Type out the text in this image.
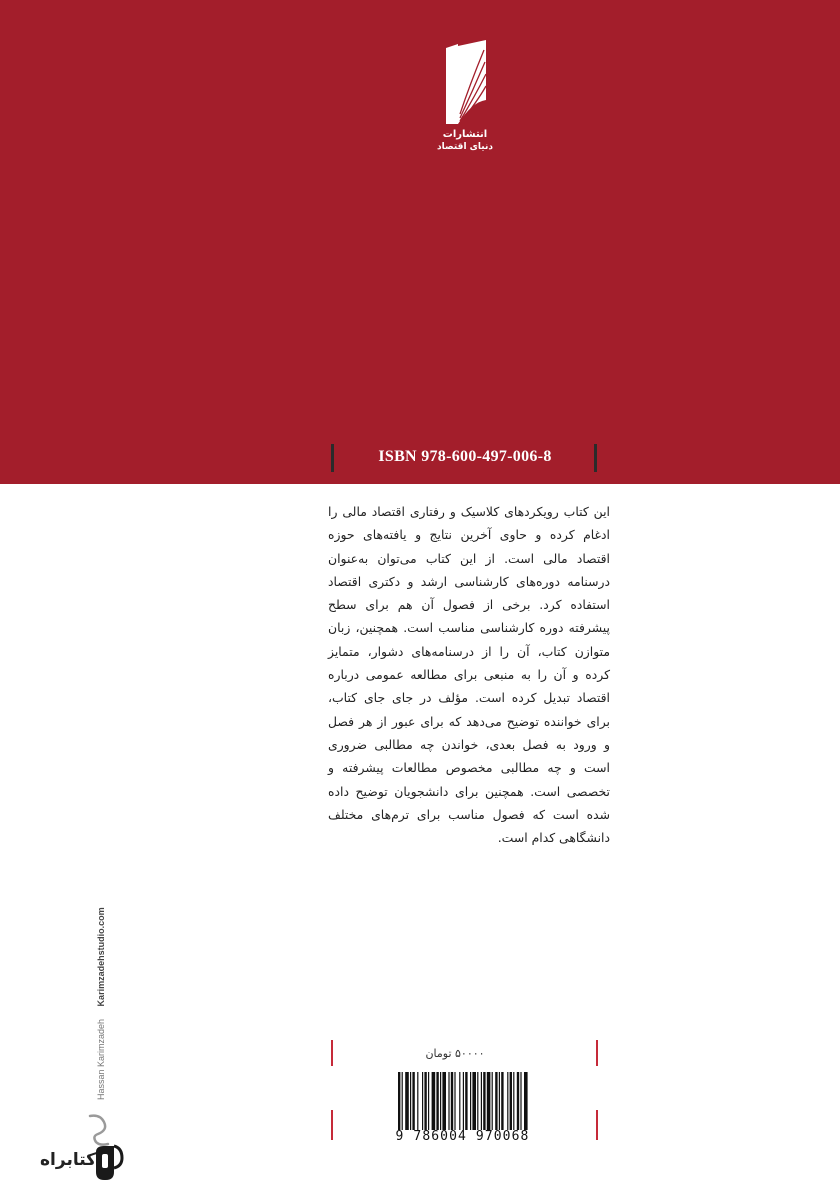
انتشارات
دنیای اقتصاد
ISBN 978-600-497-006-8

این کتاب رویکردهای کلاسیک و رفتاری اقتصاد مالی را ادغام کرده و حاوی آخرین نتایج و یافته‌های حوزه اقتصاد مالی است. از این کتاب می‌توان به‌عنوان درسنامه دوره‌های کارشناسی ارشد و دکتری اقتصاد استفاده کرد. برخی از فصول آن هم برای سطح پیشرفته دوره کارشناسی مناسب است. همچنین، زبان متوازن کتاب، آن را از درسنامه‌های دشوار، متمایز کرده و آن را به منبعی برای مطالعه عمومی درباره اقتصاد تبدیل کرده است. مؤلف در جای جای کتاب، برای خواننده توضیح می‌دهد که برای عبور از هر فصل و ورود به فصل بعدی، خواندن چه مطالبی ضروری است و چه مطالبی مخصوص مطالعات پیشرفته و تخصصی است. همچنین برای دانشجویان توضیح داده شده است که فصول مناسب برای ترم‌های مختلف دانشگاهی کدام است.

Hassan Karimzadeh Karimzadehstudio.com
۵۰۰۰۰ تومان
9 786004 970068
کتابراه
